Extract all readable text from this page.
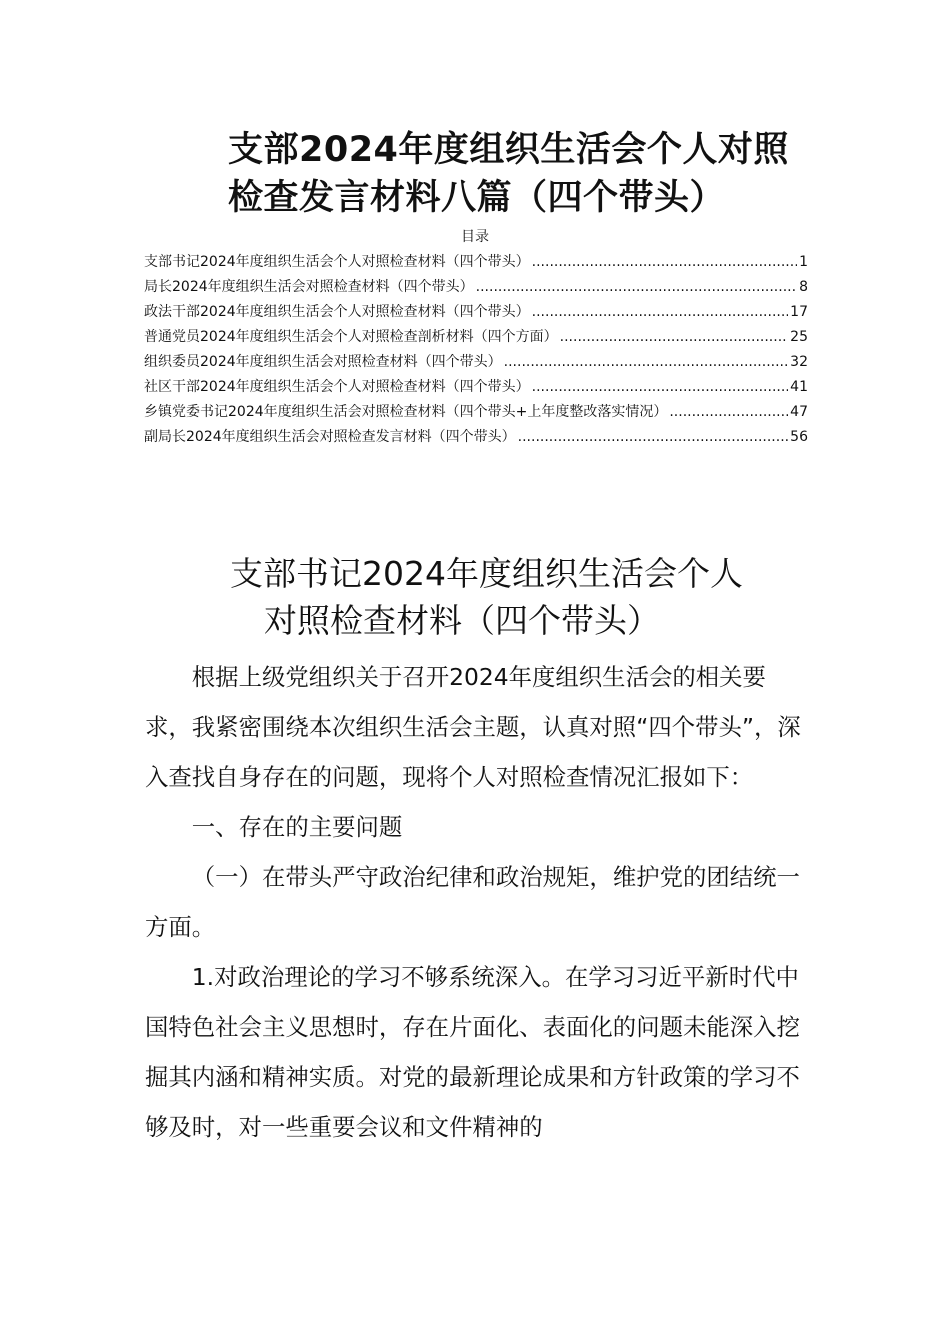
支部2024年度组织生活会个人对照
检查发言材料八篇（四个带头）
目录
支部书记2024年度组织生活会个人对照检查材料（四个带头） .....	1
局长2024年度组织生活会对照检查材料（四个带头） .....	8
政法干部2024年度组织生活会个人对照检查材料（四个带头） .....	17
普通党员2024年度组织生活会个人对照检查剖析材料（四个方面） .....	25
组织委员2024年度组织生活会对照检查材料（四个带头） .....	32
社区干部2024年度组织生活会个人对照检查材料（四个带头） .....	41
乡镇党委书记2024年度组织生活会对照检查材料（四个带头+上年度整改落实情况） .....	47
副局长2024年度组织生活会对照检查发言材料（四个带头） .....	56
支部书记2024年度组织生活会个人
对照检查材料（四个带头）

根据上级党组织关于召开2024年度组织生活会的相关要求，我紧密围绕本次组织生活会主题，认真对照“四个带头”，深入查找自身存在的问题，现将个人对照检查情况汇报如下：

一、存在的主要问题

（一）在带头严守政治纪律和政治规矩，维护党的团结统一方面。

1.对政治理论的学习不够系统深入。在学习习近平新时代中国特色社会主义思想时，存在片面化、表面化的问题未能深入挖掘其内涵和精神实质。对党的最新理论成果和方针政策的学习不够及时，对一些重要会议和文件精神的
